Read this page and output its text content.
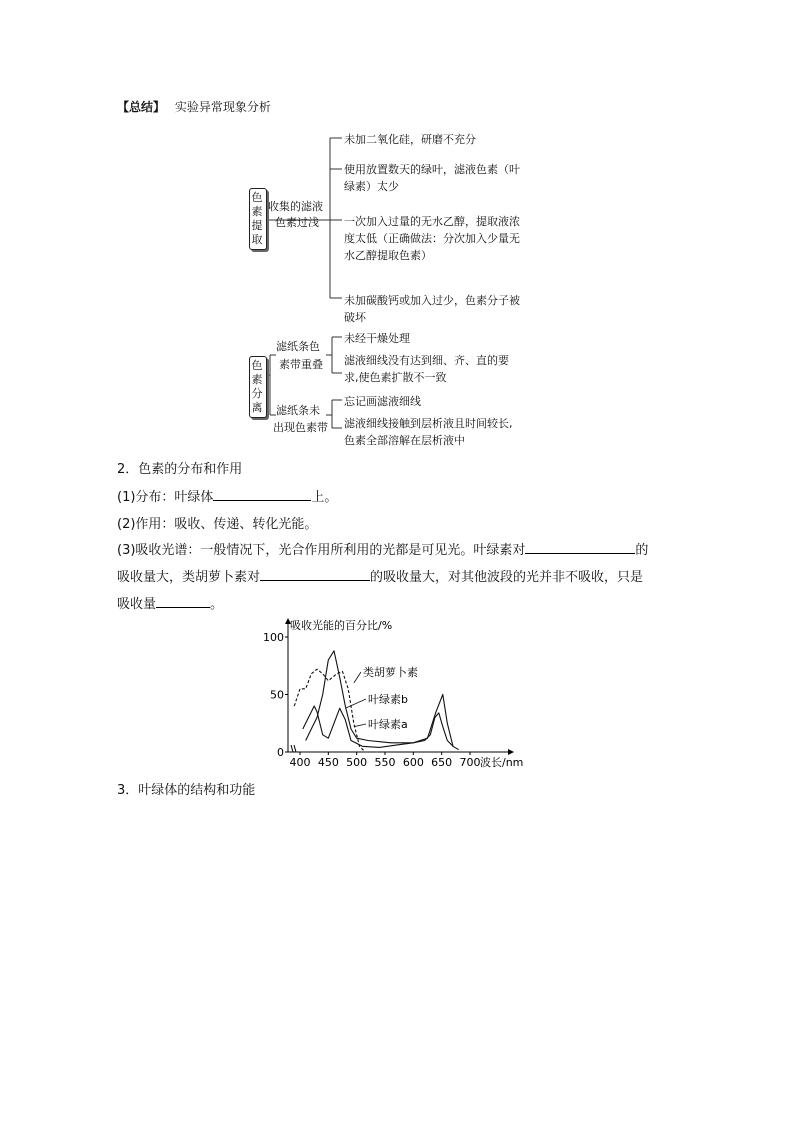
【总结】 实验异常现象分析
色素提取
收集的滤液
色素过浅
未加二氧化硅，研磨不充分
使用放置数天的绿叶，滤液色素（叶
绿素）太少
一次加入过量的无水乙醇，提取液浓
度太低（正确做法：分次加入少量无
水乙醇提取色素）
未加碳酸钙或加入过少，色素分子被
破坏
色素分离
滤纸条色
素带重叠
滤纸条未
出现色素带
未经干燥处理
滤液细线没有达到细、齐、直的要
求,使色素扩散不一致
忘记画滤液细线
滤液细线接触到层析液且时间较长,
色素全部溶解在层析液中
2．色素的分布和作用
(1)分布：叶绿体	上。
(2)作用：吸收、传递、转化光能。
(3)吸收光谱：一般情况下，光合作用所利用的光都是可见光。叶绿素对	的
吸收量大，类胡萝卜素对	的吸收量大，对其他波段的光并非不吸收，只是
吸收量	。
0
50
100
400 450 500 550 600 650 700
吸收光能的百分比/%
波长/nm
类胡萝卜素
叶绿素b
叶绿素a
3．叶绿体的结构和功能
